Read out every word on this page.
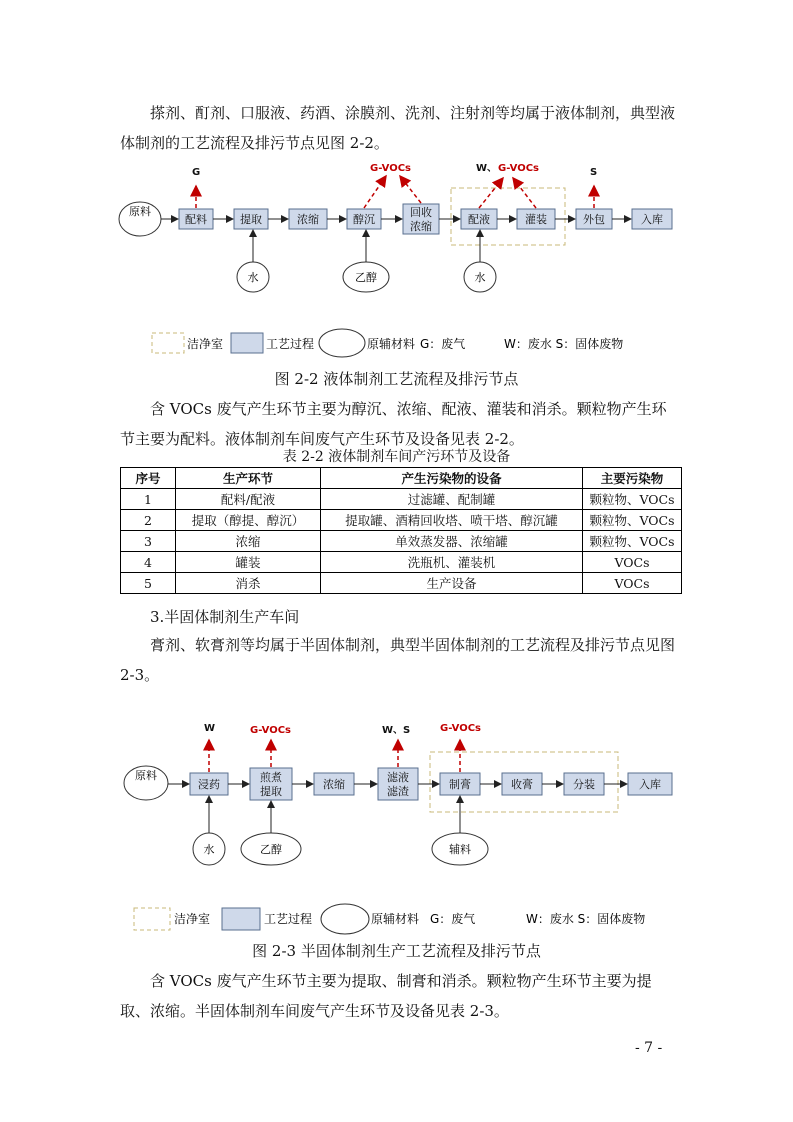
搽剂、酊剂、口服液、药酒、涂膜剂、洗剂、注射剂等均属于液体制剂，典型液体制剂的工艺流程及排污节点见图 2-2。

原料
配料	提取	浓缩	醇沉
回收
浓缩
配液	灌装	外包	入库
水	乙醇	水
G	G-VOCs	W、 G-VOCs	S
洁净室	工艺过程	原辅材料 G：废气	W：废水 S：固体废物

图 2-2 液体制剂工艺流程及排污节点

含 VOCs 废气产生环节主要为醇沉、浓缩、配液、灌装和消杀。颗粒物产生环节主要为配料。液体制剂车间废气产生环节及设备见表 2-2。

表 2-2 液体制剂车间产污环节及设备

序号	生产环节	产生污染物的设备	主要污染物
1	配料/配液	过滤罐、配制罐	颗粒物、VOCs
2	提取（醇提、醇沉）	提取罐、酒精回收塔、喷干塔、醇沉罐	颗粒物、VOCs
3	浓缩	单效蒸发器、浓缩罐	颗粒物、VOCs
4	罐装	洗瓶机、灌装机	VOCs
5	消杀	生产设备	VOCs

3.半固体制剂生产车间

膏剂、软膏剂等均属于半固体制剂，典型半固体制剂的工艺流程及排污节点见图 2-3。

原料
浸药
煎煮
提取
浓缩
滤液
滤渣
制膏	收膏	分装	入库
水	乙醇	辅料
W	G-VOCs	W、S	G-VOCs
洁净室	工艺过程	原辅材料 G：废气	W：废水 S：固体废物

图 2-3 半固体制剂生产工艺流程及排污节点

含 VOCs 废气产生环节主要为提取、制膏和消杀。颗粒物产生环节主要为提取、浓缩。半固体制剂车间废气产生环节及设备见表 2-3。

- 7 -
